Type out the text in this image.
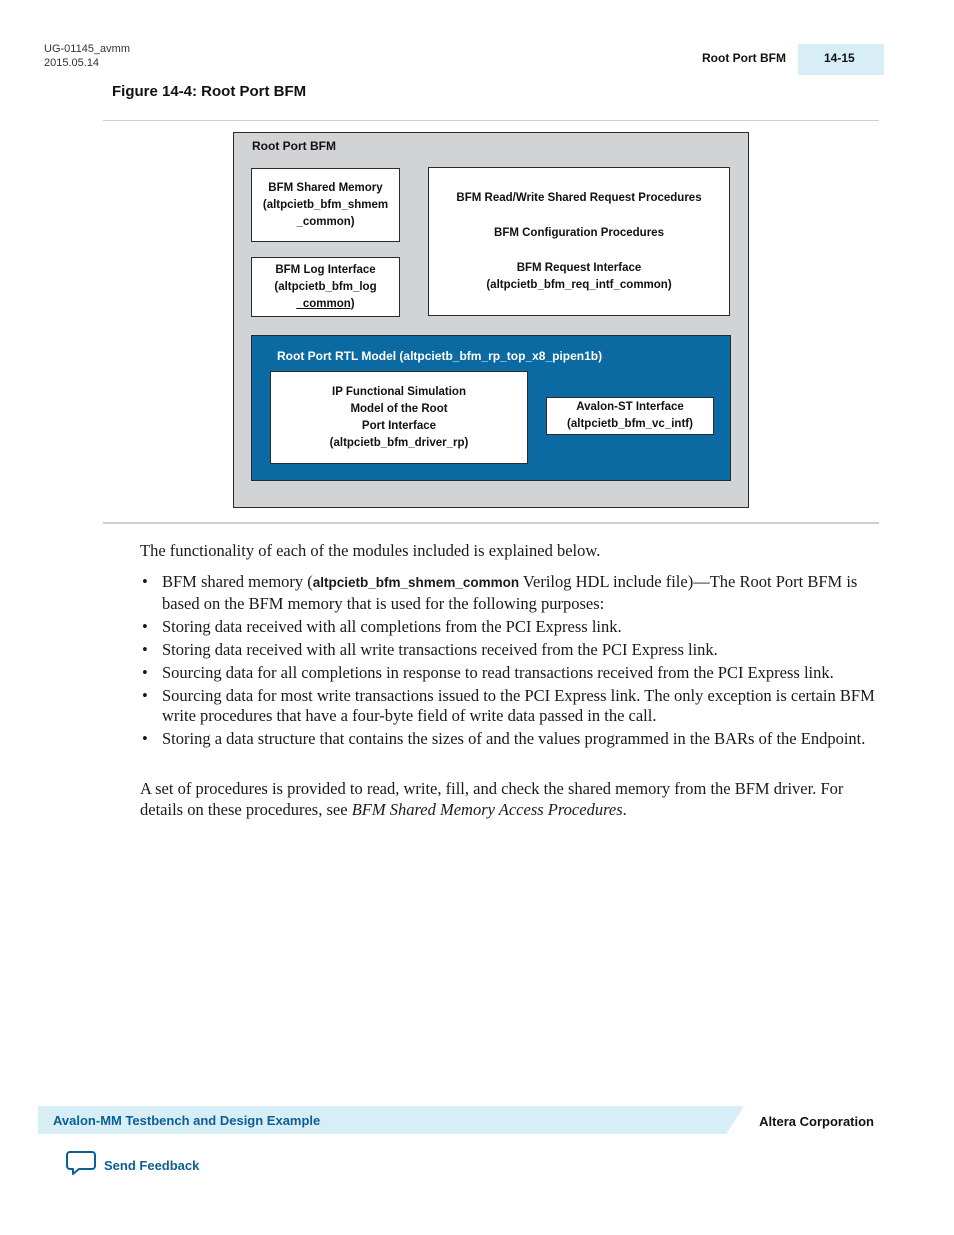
UG-01145_avmm
2015.05.14	Root Port BFM	14-15
Figure 14-4: Root Port BFM
Root Port BFM
BFM Shared Memory
(altpcietb_bfm_shmem
_common)
BFM Log Interface
(altpcietb_bfm_log
_common)
BFM Read/Write Shared Request Procedures
BFM Configuration Procedures
BFM Request Interface
(altpcietb_bfm_req_intf_common)
Root Port RTL Model (altpcietb_bfm_rp_top_x8_pipen1b)
IP Functional Simulation
Model of the Root
Port Interface
(altpcietb_bfm_driver_rp)
Avalon-ST Interface
(altpcietb_bfm_vc_intf)
The functionality of each of the modules included is explained below.
• BFM shared memory (altpcietb_bfm_shmem_common Verilog HDL include file)—The Root Port BFM is based on the BFM memory that is used for the following purposes:
• Storing data received with all completions from the PCI Express link.
• Storing data received with all write transactions received from the PCI Express link.
• Sourcing data for all completions in response to read transactions received from the PCI Express link.
• Sourcing data for most write transactions issued to the PCI Express link. The only exception is certain BFM write procedures that have a four-byte field of write data passed in the call.
• Storing a data structure that contains the sizes of and the values programmed in the BARs of the Endpoint.
A set of procedures is provided to read, write, fill, and check the shared memory from the BFM driver. For details on these procedures, see BFM Shared Memory Access Procedures.
Avalon-MM Testbench and Design Example	Altera Corporation
Send Feedback
